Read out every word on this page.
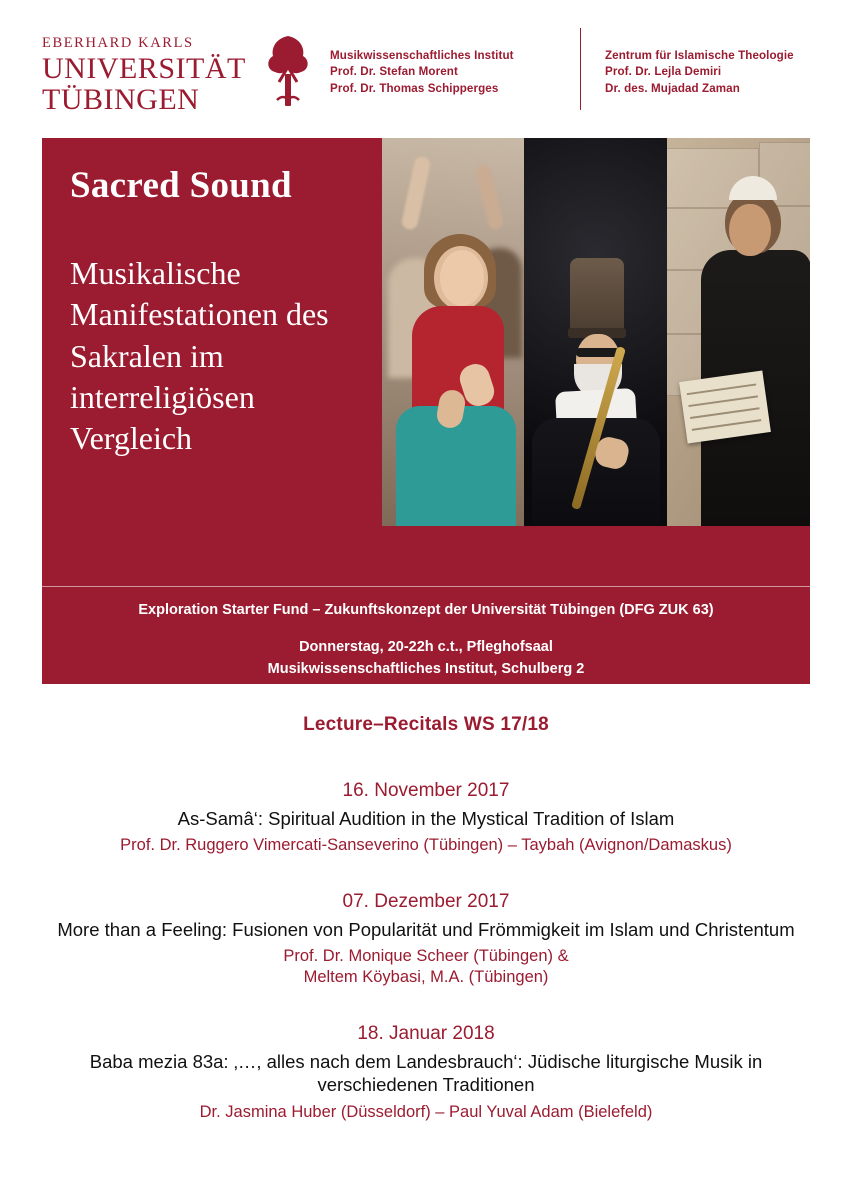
EBERHARD KARLS
UNIVERSITÄT
TÜBINGEN
Musikwissenschaftliches Institut
Prof. Dr. Stefan Morent
Prof. Dr. Thomas Schipperges
Zentrum für Islamische Theologie
Prof. Dr. Lejla Demiri
Dr. des. Mujadad Zaman
Sacred Sound
Musikalische Manifestationen des Sakralen im interreligiösen Vergleich
Exploration Starter Fund – Zukunftskonzept der Universität Tübingen (DFG ZUK 63)
Donnerstag, 20-22h c.t., Pfleghofsaal
Musikwissenschaftliches Institut, Schulberg 2
Lecture–Recitals WS 17/18
16. November 2017
As-Samâ‘: Spiritual Audition in the Mystical Tradition of Islam
Prof. Dr. Ruggero Vimercati-Sanseverino (Tübingen) – Taybah (Avignon/Damaskus)
07. Dezember 2017
More than a Feeling: Fusionen von Popularität und Frömmigkeit im Islam und Christentum
Prof. Dr. Monique Scheer (Tübingen) &
Meltem Köybasi, M.A. (Tübingen)
18. Januar 2018
Baba mezia 83a: ‚…, alles nach dem Landesbrauch‘: Jüdische liturgische Musik in verschiedenen Traditionen
Dr. Jasmina Huber (Düsseldorf) – Paul Yuval Adam (Bielefeld)
